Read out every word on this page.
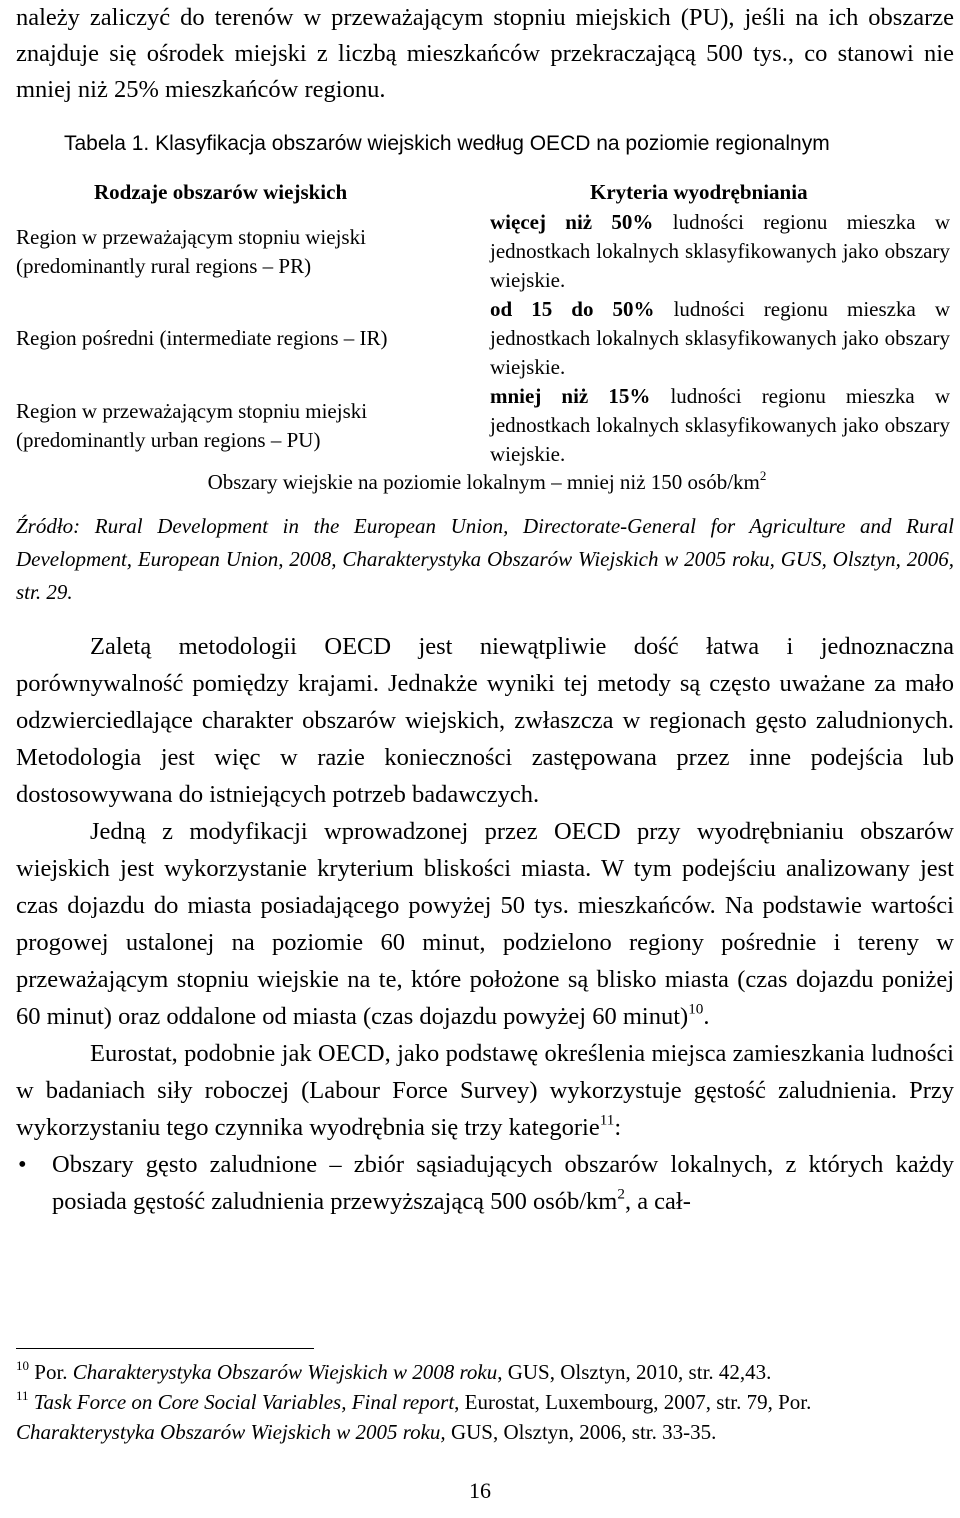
należy zaliczyć do terenów w przeważającym stopniu miejskich (PU), jeśli na ich obszarze znajduje się ośrodek miejski z liczbą mieszkańców przekraczającą 500 tys., co stanowi nie mniej niż 25% mieszkańców regionu.

Tabela 1. Klasyfikacja obszarów wiejskich według OECD na poziomie regionalnym
Rodzaje obszarów wiejskich	Kryteria wyodrębniania
Region w przeważającym stopniu wiejski (predominantly rural regions – PR)
więcej niż 50% ludności regionu mieszka w jednostkach lokalnych sklasyfikowanych jako obszary wiejskie.
Region pośredni (intermediate regions – IR)
od 15 do 50% ludności regionu mieszka w jednostkach lokalnych sklasyfikowanych jako obszary wiejskie.
Region w przeważającym stopniu miejski (predominantly urban regions – PU)
mniej niż 15% ludności regionu mieszka w jednostkach lokalnych sklasyfikowanych jako obszary wiejskie.
Obszary wiejskie na poziomie lokalnym – mniej niż 150 osób/$km^2$

Źródło: Rural Development in the European Union, Directorate-General for Agriculture and Rural Development, European Union, 2008, Charakterystyka Obszarów Wiejskich w 2005 roku, GUS, Olsztyn, 2006, str. 29.

Zaletą metodologii OECD jest niewątpliwie dość łatwa i jednoznaczna porównywalność pomiędzy krajami. Jednakże wyniki tej metody są często uważane za mało odzwierciedlające charakter obszarów wiejskich, zwłaszcza w regionach gęsto zaludnionych. Metodologia jest więc w razie konieczności zastępowana przez inne podejścia lub dostosowywana do istniejących potrzeb badawczych.

Jedną z modyfikacji wprowadzonej przez OECD przy wyodrębnianiu obszarów wiejskich jest wykorzystanie kryterium bliskości miasta. W tym podejściu analizowany jest czas dojazdu do miasta posiadającego powyżej 50 tys. mieszkańców. Na podstawie wartości progowej ustalonej na poziomie 60 minut, podzielono regiony pośrednie i tereny w przeważającym stopniu wiejskie na te, które położone są blisko miasta (czas dojazdu poniżej 60 minut) oraz oddalone od miasta (czas dojazdu powyżej 60 minut)$^{10}$.

Eurostat, podobnie jak OECD, jako podstawę określenia miejsca zamieszkania ludności w badaniach siły roboczej (Labour Force Survey) wykorzystuje gęstość zaludnienia. Przy wykorzystaniu tego czynnika wyodrębnia się trzy kategorie$^{11}$:

• Obszary gęsto zaludnione – zbiór sąsiadujących obszarów lokalnych, z których każdy posiada gęstość zaludnienia przewyższającą 500 osób/$km^2$, a cał-

$^{10}$ Por. Charakterystyka Obszarów Wiejskich w 2008 roku, GUS, Olsztyn, 2010, str. 42,43.

$^{11}$ Task Force on Core Social Variables, Final report, Eurostat, Luxembourg, 2007, str. 79, Por. Charakterystyka Obszarów Wiejskich w 2005 roku, GUS, Olsztyn, 2006, str. 33-35.

16
